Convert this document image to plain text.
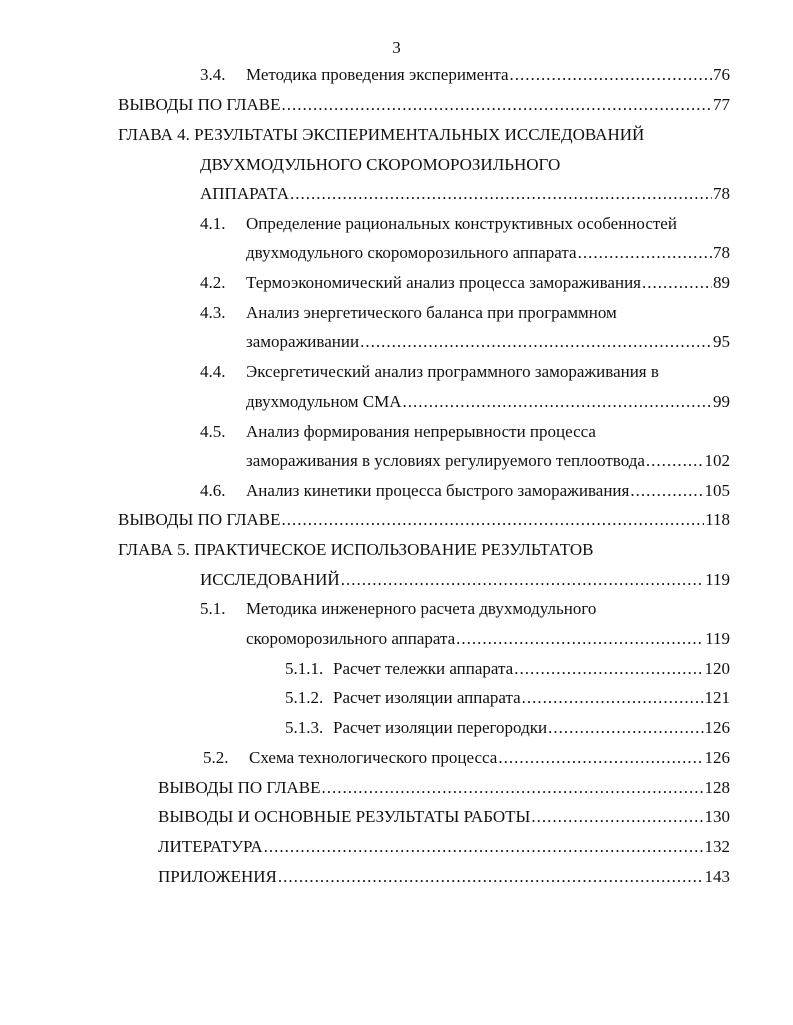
3
3.4.	Методика проведения эксперимента .....	76
ВЫВОДЫ ПО ГЛАВЕ .....	77
ГЛАВА 4. РЕЗУЛЬТАТЫ ЭКСПЕРИМЕНТАЛЬНЫХ ИССЛЕДОВАНИЙ
ДВУХМОДУЛЬНОГО СКОРОМОРОЗИЛЬНОГО
АППАРАТА .....	78
4.1. Определение рациональных конструктивных особенностей
двухмодульного скороморозильного аппарата .....	78
4.2.	Термоэкономический анализ процесса замораживания .....	89
4.3. Анализ энергетического баланса при программном
замораживании .....	95
4.4. Эксергетический анализ программного замораживания в
двухмодульном СМА .....	99
4.5. Анализ формирования непрерывности процесса
замораживания в условиях регулируемого теплоотвода .....	102
4.6.	Анализ кинетики процесса быстрого замораживания .....	105
ВЫВОДЫ ПО ГЛАВЕ .....	118
ГЛАВА 5. ПРАКТИЧЕСКОЕ ИСПОЛЬЗОВАНИЕ РЕЗУЛЬТАТОВ
ИССЛЕДОВАНИЙ .....	119
5.1. Методика инженерного расчета двухмодульного
скороморозильного аппарата .....	119
5.1.1. Расчет тележки аппарата .....	120
5.1.2. Расчет изоляции аппарата .....	121
5.1.3. Расчет изоляции перегородки .....	126
5.2.	Схема технологического процесса .....	126
ВЫВОДЫ ПО ГЛАВЕ .....	128
ВЫВОДЫ И ОСНОВНЫЕ РЕЗУЛЬТАТЫ РАБОТЫ .....	130
ЛИТЕРАТУРА .....	132
ПРИЛОЖЕНИЯ .....	143
